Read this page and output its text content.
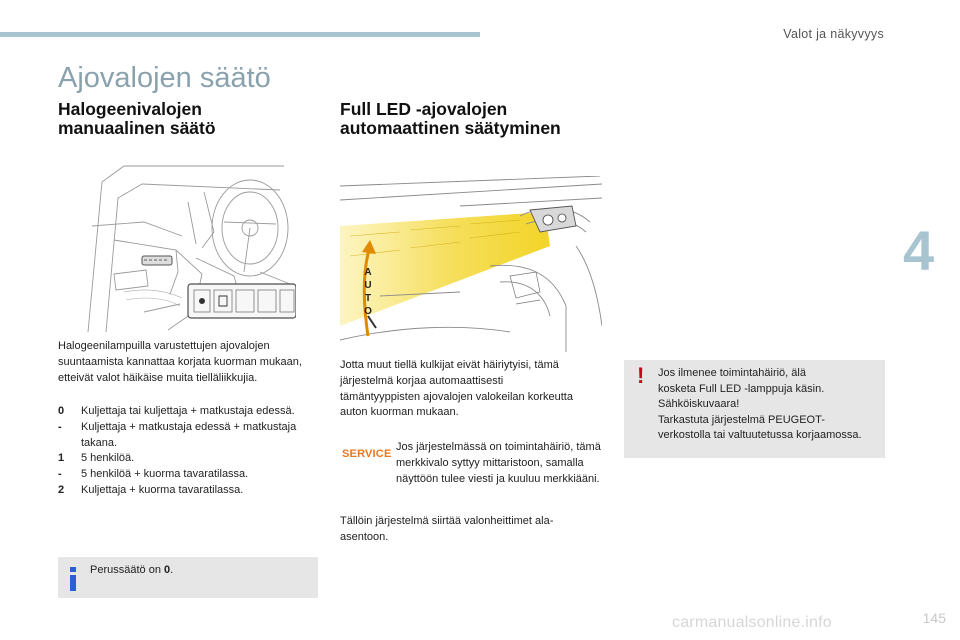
Valot ja näkyvyys
4
Ajovalojen säätö
Halogeenivalojen
manuaalinen säätö
Halogeenilampuilla varustettujen ajovalojen suuntaamista kannattaa korjata kuorman mukaan, etteivät valot häikäise muita tielläliikkujia.
0	Kuljettaja tai kuljettaja + matkustaja edessä.
-	Kuljettaja + matkustaja edessä + matkustaja takana.
1	5 henkilöä.
-	5 henkilöä + kuorma tavaratilassa.
2	Kuljettaja + kuorma tavaratilassa.
Perussäätö on 0.
Full LED -ajovalojen
automaattinen säätyminen
A
U
T
O
Jotta muut tiellä kulkijat eivät häiriytyisi, tämä järjestelmä korjaa automaattisesti tämäntyyppisten ajovalojen valokeilan korkeutta auton kuorman mukaan.
SERVICE
Jos järjestelmässä on toimintahäiriö, tämä merkkivalo syttyy mittaristoon, samalla näyttöön tulee viesti ja kuuluu merkkiääni.
Tällöin järjestelmä siirtää valonheittimet ala-asentoon.
! Jos ilmenee toimintahäiriö, älä
kosketa Full LED -lamppuja käsin.
Sähköiskuvaara!
Tarkastuta järjestelmä PEUGEOT-
verkostolla tai valtuutetussa korjaamossa.
carmanualsonline.info	145
